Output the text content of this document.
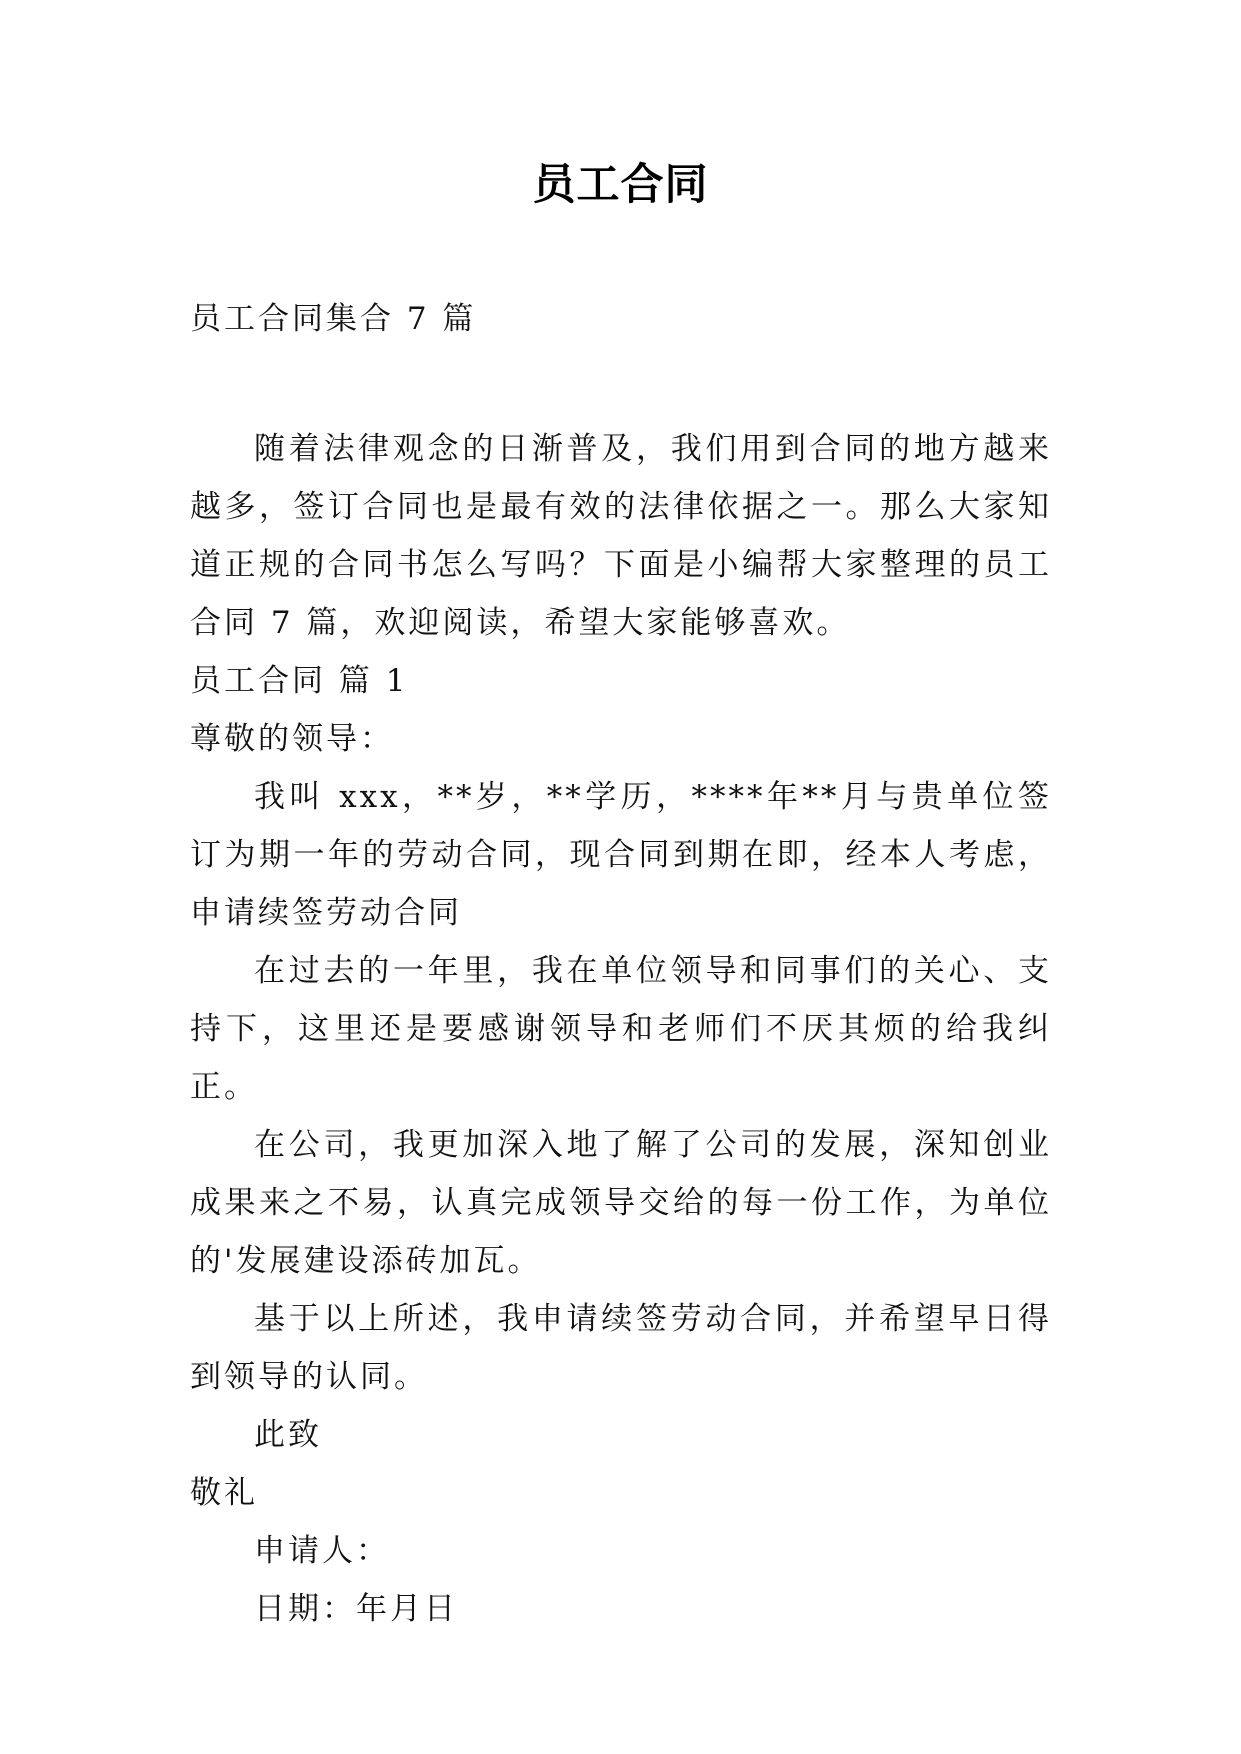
员工合同

员工合同集合 7 篇

随着法律观念的日渐普及，我们用到合同的地方越来越多，签订合同也是最有效的法律依据之一。那么大家知道正规的合同书怎么写吗？下面是小编帮大家整理的员工合同 7 篇，欢迎阅读，希望大家能够喜欢。

员工合同 篇 1

尊敬的领导：

我叫 xxx，**岁，**学历，****年**月与贵单位签订为期一年的劳动合同，现合同到期在即，经本人考虑，申请续签劳动合同

在过去的一年里，我在单位领导和同事们的关心、支持下，这里还是要感谢领导和老师们不厌其烦的给我纠正。

在公司，我更加深入地了解了公司的发展，深知创业成果来之不易，认真完成领导交给的每一份工作，为单位的'发展建设添砖加瓦。

基于以上所述，我申请续签劳动合同，并希望早日得到领导的认同。

此致

敬礼

申请人：

日期：年月日
